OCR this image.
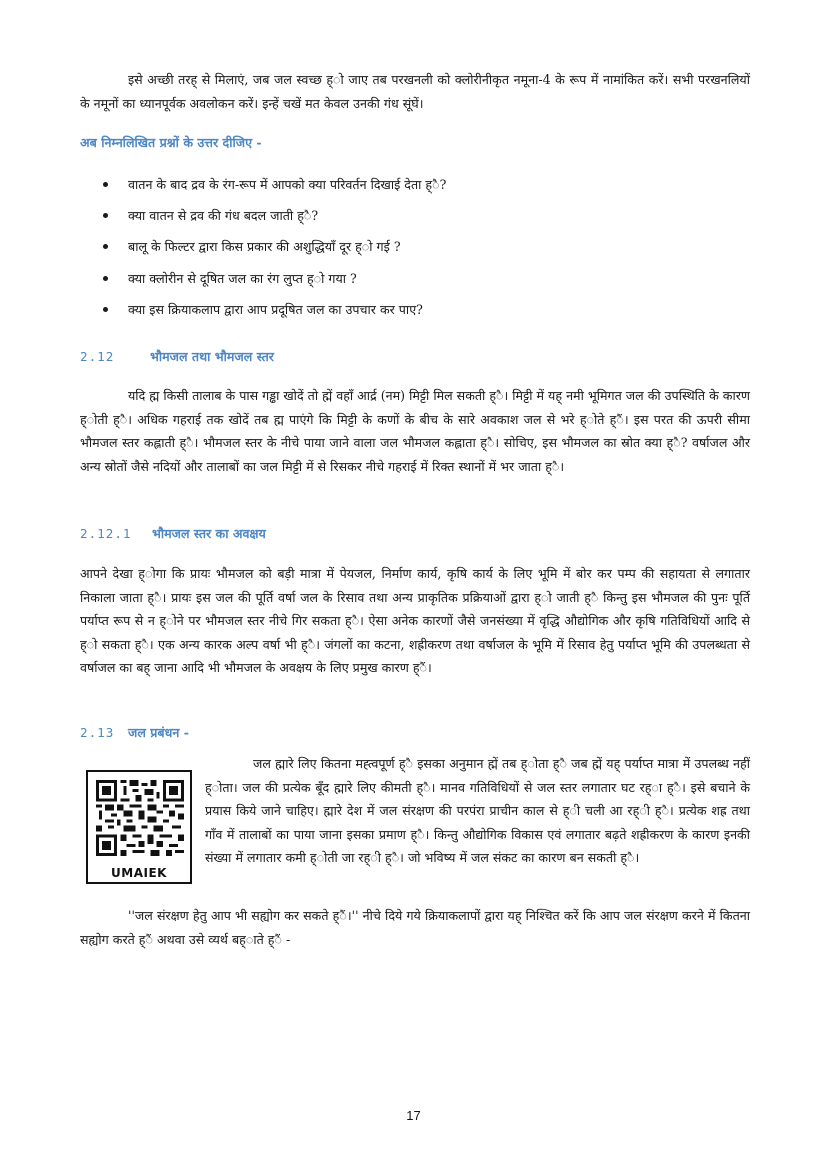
इसे अच्छी तरह् से मिलाएं, जब जल स्वच्छ ह्ो जाए तब परखनली को क्लोरीनीकृत नमूना-4 के रूप में नामांकित करें। सभी परखनलियों के नमूनों का ध्यानपूर्वक अवलोकन करें। इन्हें चखें मत केवल उनकी गंध सूंघें।

अब निम्नलिखित प्रश्नों के उत्तर दीजिए -

वातन के बाद द्रव के रंग-रूप में आपको क्या परिवर्तन दिखाई देता ह्ै?
क्या वातन से द्रव की गंध बदल जाती ह्ै?
बालू के फिल्टर द्वारा किस प्रकार की अशुद्धियाँ दूर ह्ो गई ?
क्या क्लोरीन से दूषित जल का रंग लुप्त ह्ो गया ?
क्या इस क्रियाकलाप द्वारा आप प्रदूषित जल का उपचार कर पाए?

2.12	भौमजल तथा भौमजल स्तर

यदि ह्म किसी तालाब के पास गड्ढा खोदें तो ह्में वहाँ आर्द्र (नम) मिट्टी मिल सकती ह्ै। मिट्टी में यह् नमी भूमिगत जल की उपस्थिति के कारण ह्ोती ह्ै। अधिक गहराई तक खोदें तब ह्म पाएंगे कि मिट्टी के कणों के बीच के सारे अवकाश जल से भरे ह्ोते ह्ैं। इस परत की ऊपरी सीमा भौमजल स्तर कह्लाती ह्ै। भौमजल स्तर के नीचे पाया जाने वाला जल भौमजल कह्लाता ह्ै। सोचिए, इस भौमजल का स्रोत क्या ह्ै? वर्षाजल और अन्य स्रोतों जैसे नदियों और तालाबों का जल मिट्टी में से रिसकर नीचे गहराई में रिक्त स्थानों में भर जाता ह्ै।

2.12.1 भौमजल स्तर का अवक्षय

आपने देखा ह्ोगा कि प्रायः भौमजल को बड़ी मात्रा में पेयजल, निर्माण कार्य, कृषि कार्य के लिए भूमि में बोर कर पम्प की सहायता से लगातार निकाला जाता ह्ै। प्रायः इस जल की पूर्ति वर्षा जल के रिसाव तथा अन्य प्राकृतिक प्रक्रियाओं द्वारा ह्ो जाती ह्ै किन्तु इस भौमजल की पुनः पूर्ति पर्याप्त रूप से न ह्ोने पर भौमजल स्तर नीचे गिर सकता ह्ै। ऐसा अनेक कारणों जैसे जनसंख्या में वृद्धि औद्योगिक और कृषि गतिविधियों आदि से ह्ो सकता ह्ै। एक अन्य कारक अल्प वर्षा भी ह्ै। जंगलों का कटना, शह्रीकरण तथा वर्षाजल के भूमि में रिसाव हेतु पर्याप्त भूमि की उपलब्धता से वर्षाजल का बह् जाना आदि भी भौमजल के अवक्षय के लिए प्रमुख कारण ह्ैं।

2.13 जल प्रबंधन -

UMAIEK

जल ह्मारे लिए कितना मह्त्वपूर्ण ह्ै इसका अनुमान ह्में तब ह्ोता ह्ै जब ह्में यह् पर्याप्त मात्रा में उपलब्ध नहीं ह्ोता। जल की प्रत्येक बूँद ह्मारे लिए कीमती ह्ै। मानव गतिविधियों से जल स्तर लगातार घट रह्ा ह्ै। इसे बचाने के प्रयास किये जाने चाहिए। ह्मारे देश में जल संरक्षण की परपंरा प्राचीन काल से ह्ी चली आ रह्ी ह्ै। प्रत्येक शह्र तथा गाँव में तालाबों का पाया जाना इसका प्रमाण ह्ै। किन्तु औद्योगिक विकास एवं लगातार बढ़ते शह्रीकरण के कारण इनकी संख्या में लगातार कमी ह्ोती जा रह्ी ह्ै। जो भविष्य में जल संकट का कारण बन सकती ह्ै।

''जल संरक्षण हेतु आप भी सह्योग कर सकते ह्ैं।'' नीचे दिये गये क्रियाकलापों द्वारा यह् निश्चित करें कि आप जल संरक्षण करने में कितना सह्योग करते ह्ैं अथवा उसे व्यर्थ बह्ाते ह्ैं -

17
